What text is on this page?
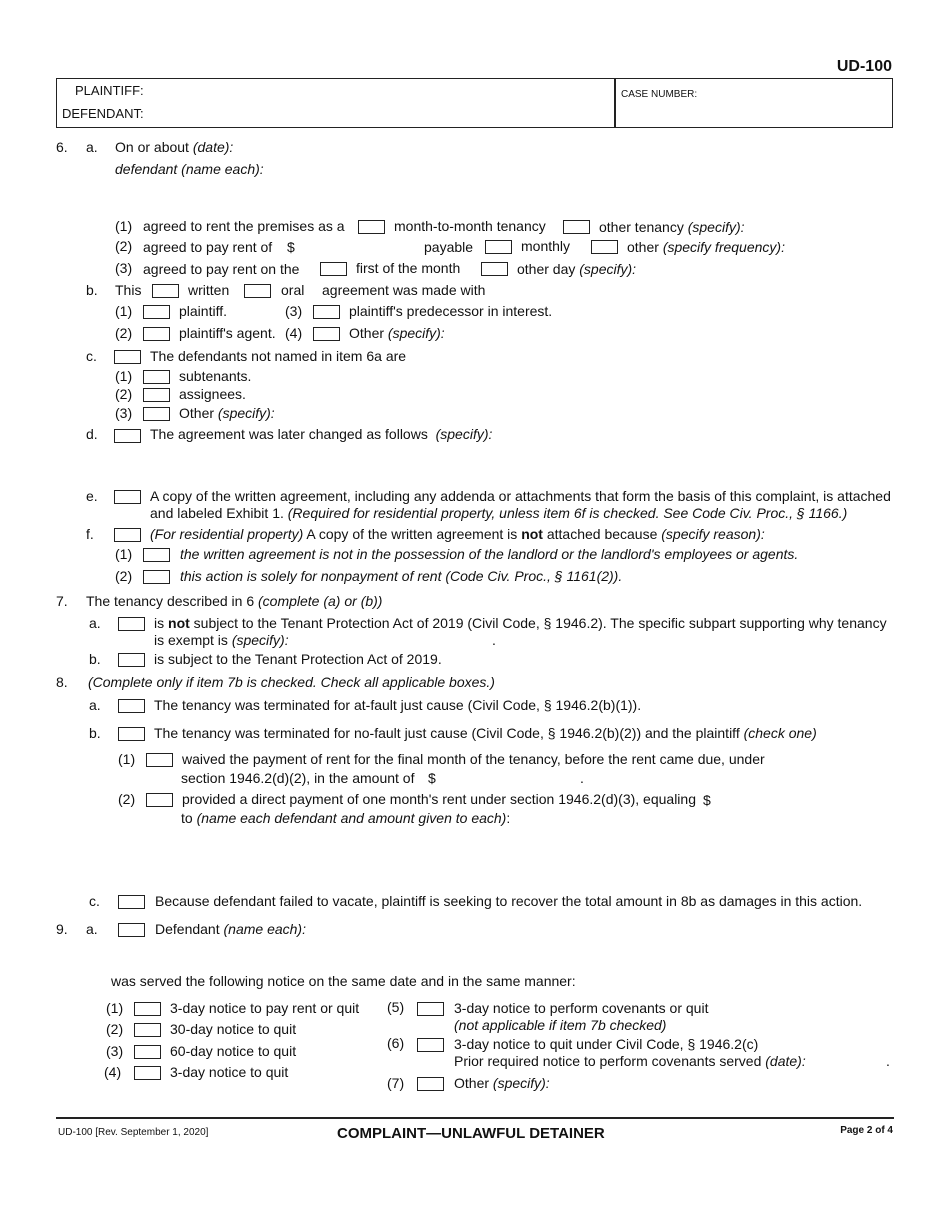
UD-100
PLAINTIFF:
DEFENDANT:
CASE NUMBER:
6. a. On or about (date):
defendant (name each):
(1) agreed to rent the premises as a	month-to-month tenancy	other tenancy (specify):
(2) agreed to pay rent of $	payable	monthly	other (specify frequency):
(3) agreed to pay rent on the	first of the month	other day (specify):
b. This	written	oral agreement was made with
(1)	plaintiff.	(3)	plaintiff's predecessor in interest.
(2)	plaintiff's agent. (4)	Other (specify):
c.	The defendants not named in item 6a are
(1)	subtenants.
(2)	assignees.
(3)	Other (specify):
d.	The agreement was later changed as follows (specify):
e.	A copy of the written agreement, including any addenda or attachments that form the basis of this complaint, is attached
and labeled Exhibit 1. (Required for residential property, unless item 6f is checked. See Code Civ. Proc., § 1166.)
f.	(For residential property) A copy of the written agreement is not attached because (specify reason):
(1)	the written agreement is not in the possession of the landlord or the landlord's employees or agents.
(2)	this action is solely for nonpayment of rent (Code Civ. Proc., § 1161(2)).
7. The tenancy described in 6 (complete (a) or (b))
a.	is not subject to the Tenant Protection Act of 2019 (Civil Code, § 1946.2). The specific subpart supporting why tenancy
is exempt is (specify):	.
b.	is subject to the Tenant Protection Act of 2019.
8. (Complete only if item 7b is checked. Check all applicable boxes.)
a.	The tenancy was terminated for at-fault just cause (Civil Code, § 1946.2(b)(1)).
b.	The tenancy was terminated for no-fault just cause (Civil Code, § 1946.2(b)(2)) and the plaintiff (check one)
(1)	waived the payment of rent for the final month of the tenancy, before the rent came due, under
section 1946.2(d)(2), in the amount of $	.
(2)	provided a direct payment of one month's rent under section 1946.2(d)(3), equaling $
to (name each defendant and amount given to each):
c.	Because defendant failed to vacate, plaintiff is seeking to recover the total amount in 8b as damages in this action.
9. a.	Defendant (name each):
was served the following notice on the same date and in the same manner:
(1)	3-day notice to pay rent or quit
(2)	30-day notice to quit
(3)	60-day notice to quit
(4)	3-day notice to quit
(5)	3-day notice to perform covenants or quit
(not applicable if item 7b checked)
(6)	3-day notice to quit under Civil Code, § 1946.2(c)
Prior required notice to perform covenants served (date):	.
(7)	Other (specify):
UD-100 [Rev. September 1, 2020]	COMPLAINT—UNLAWFUL DETAINER	Page 2 of 4
